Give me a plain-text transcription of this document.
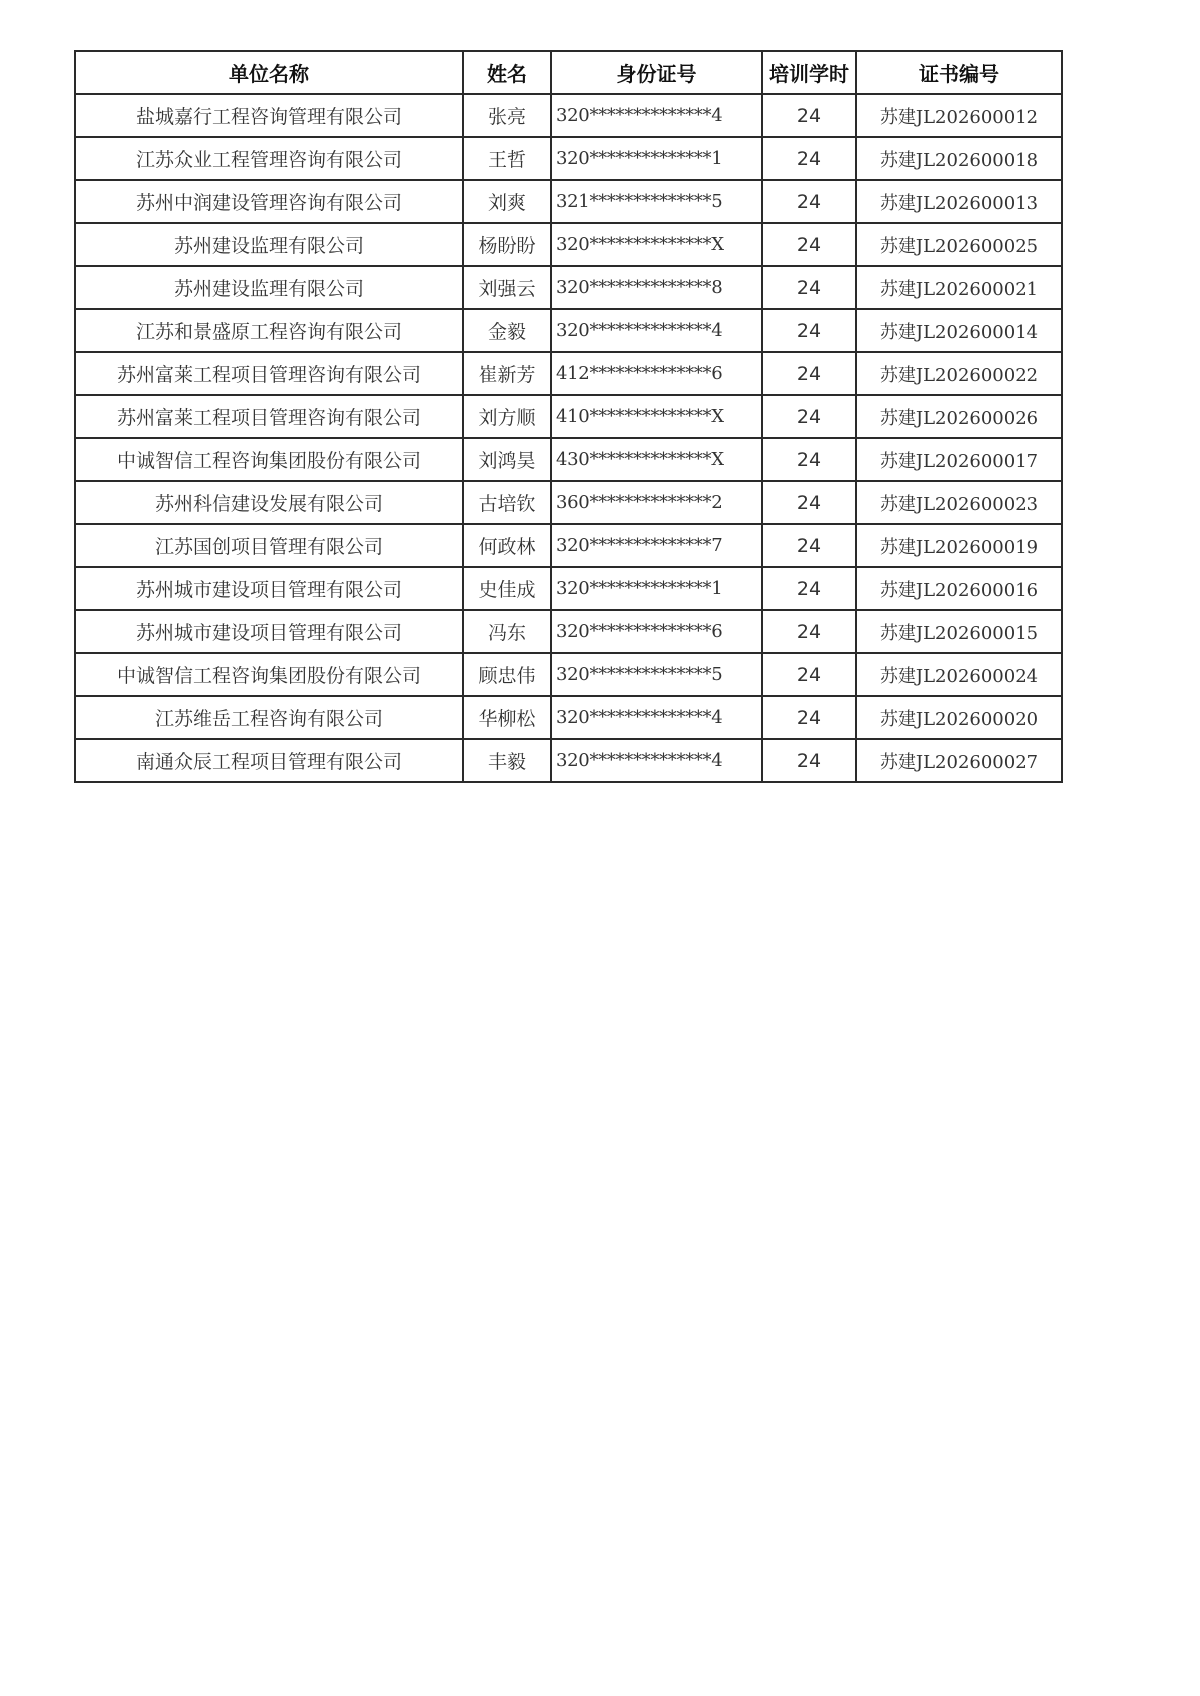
单位名称	姓名	身份证号	培训学时	证书编号
盐城嘉行工程咨询管理有限公司	张亮	320**************4	24	苏建JL202600012
江苏众业工程管理咨询有限公司	王哲	320**************1	24	苏建JL202600018
苏州中润建设管理咨询有限公司	刘爽	321**************5	24	苏建JL202600013
苏州建设监理有限公司	杨盼盼	320**************X	24	苏建JL202600025
苏州建设监理有限公司	刘强云	320**************8	24	苏建JL202600021
江苏和景盛原工程咨询有限公司	金毅	320**************4	24	苏建JL202600014
苏州富莱工程项目管理咨询有限公司	崔新芳	412**************6	24	苏建JL202600022
苏州富莱工程项目管理咨询有限公司	刘方顺	410**************X	24	苏建JL202600026
中诚智信工程咨询集团股份有限公司	刘鸿昊	430**************X	24	苏建JL202600017
苏州科信建设发展有限公司	古培钦	360**************2	24	苏建JL202600023
江苏国创项目管理有限公司	何政林	320**************7	24	苏建JL202600019
苏州城市建设项目管理有限公司	史佳成	320**************1	24	苏建JL202600016
苏州城市建设项目管理有限公司	冯东	320**************6	24	苏建JL202600015
中诚智信工程咨询集团股份有限公司	顾忠伟	320**************5	24	苏建JL202600024
江苏维岳工程咨询有限公司	华柳松	320**************4	24	苏建JL202600020
南通众辰工程项目管理有限公司	丰毅	320**************4	24	苏建JL202600027
